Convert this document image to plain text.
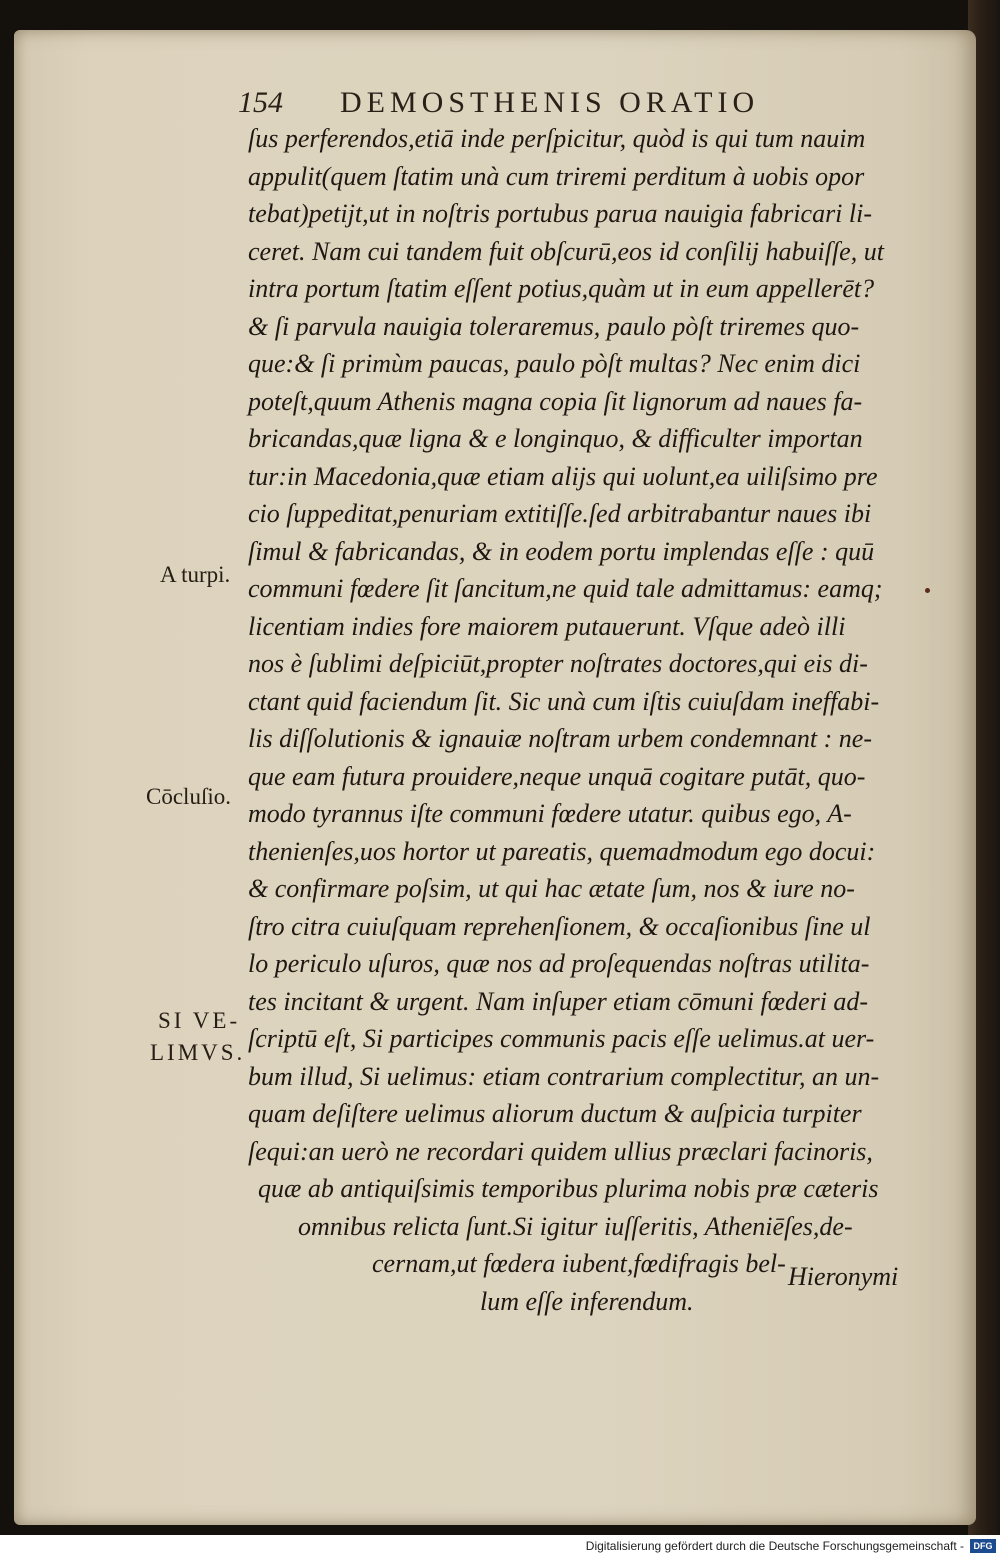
154 DEMOSTHENIS ORATIO
ſus perferendos,etiā inde perſpicitur, quòd is qui tum nauim
appulit(quem ſtatim unà cum triremi perditum à uobis opor
tebat)petijt,ut in noſtris portubus parua nauigia fabricari li-
ceret. Nam cui tandem fuit obſcurū,eos id conſilij habuiſſe, ut
intra portum ſtatim eſſent potius,quàm ut in eum appellerēt?
& ſi parvula nauigia toleraremus, paulo pòſt triremes quo-
que:& ſi primùm paucas, paulo pòſt multas? Nec enim dici
poteſt,quum Athenis magna copia ſit lignorum ad naues fa-
bricandas,quæ ligna & e longinquo, & difficulter importan
tur:in Macedonia,quæ etiam alijs qui uolunt,ea uiliſsimo pre
cio ſuppeditat,penuriam extitiſſe.ſed arbitrabantur naues ibi
ſimul & fabricandas, & in eodem portu implendas eſſe : quū
communi fœdere ſit ſancitum,ne quid tale admittamus: eamq;
licentiam indies fore maiorem putauerunt. Vſque adeò illi
nos è ſublimi deſpiciūt,propter noſtrates doctores,qui eis di-
ctant quid faciendum ſit. Sic unà cum iſtis cuiuſdam ineffabi-
lis diſſolutionis & ignauiæ noſtram urbem condemnant : ne-
que eam futura prouidere,neque unquā cogitare putāt, quo-
modo tyrannus iſte communi fœdere utatur. quibus ego, A-
thenienſes,uos hortor ut pareatis, quemadmodum ego docui:
& confirmare poſsim, ut qui hac ætate ſum, nos & iure no-
ſtro citra cuiuſquam reprehenſionem, & occaſionibus ſine ul
lo periculo uſuros, quæ nos ad proſequendas noſtras utilita-
tes incitant & urgent. Nam inſuper etiam cōmuni fœderi ad-
ſcriptū eſt, Si participes communis pacis eſſe uelimus.at uer-
bum illud, Si uelimus: etiam contrarium complectitur, an un-
quam deſiſtere uelimus aliorum ductum & auſpicia turpiter
ſequi:an uerò ne recordari quidem ullius præclari facinoris,
quæ ab antiquiſsimis temporibus plurima nobis præ cæteris
omnibus relicta ſunt.Si igitur iuſſeritis, Atheniēſes,de-
cernam,ut fœdera iubent,fœdifragis bel-
lum eſſe inferendum.
A turpi.
Cōcluſio.
SI VE-
LIMVS.
Hieronymi
Digitalisierung gefördert durch die Deutsche Forschungsgemeinschaft -	DFG
